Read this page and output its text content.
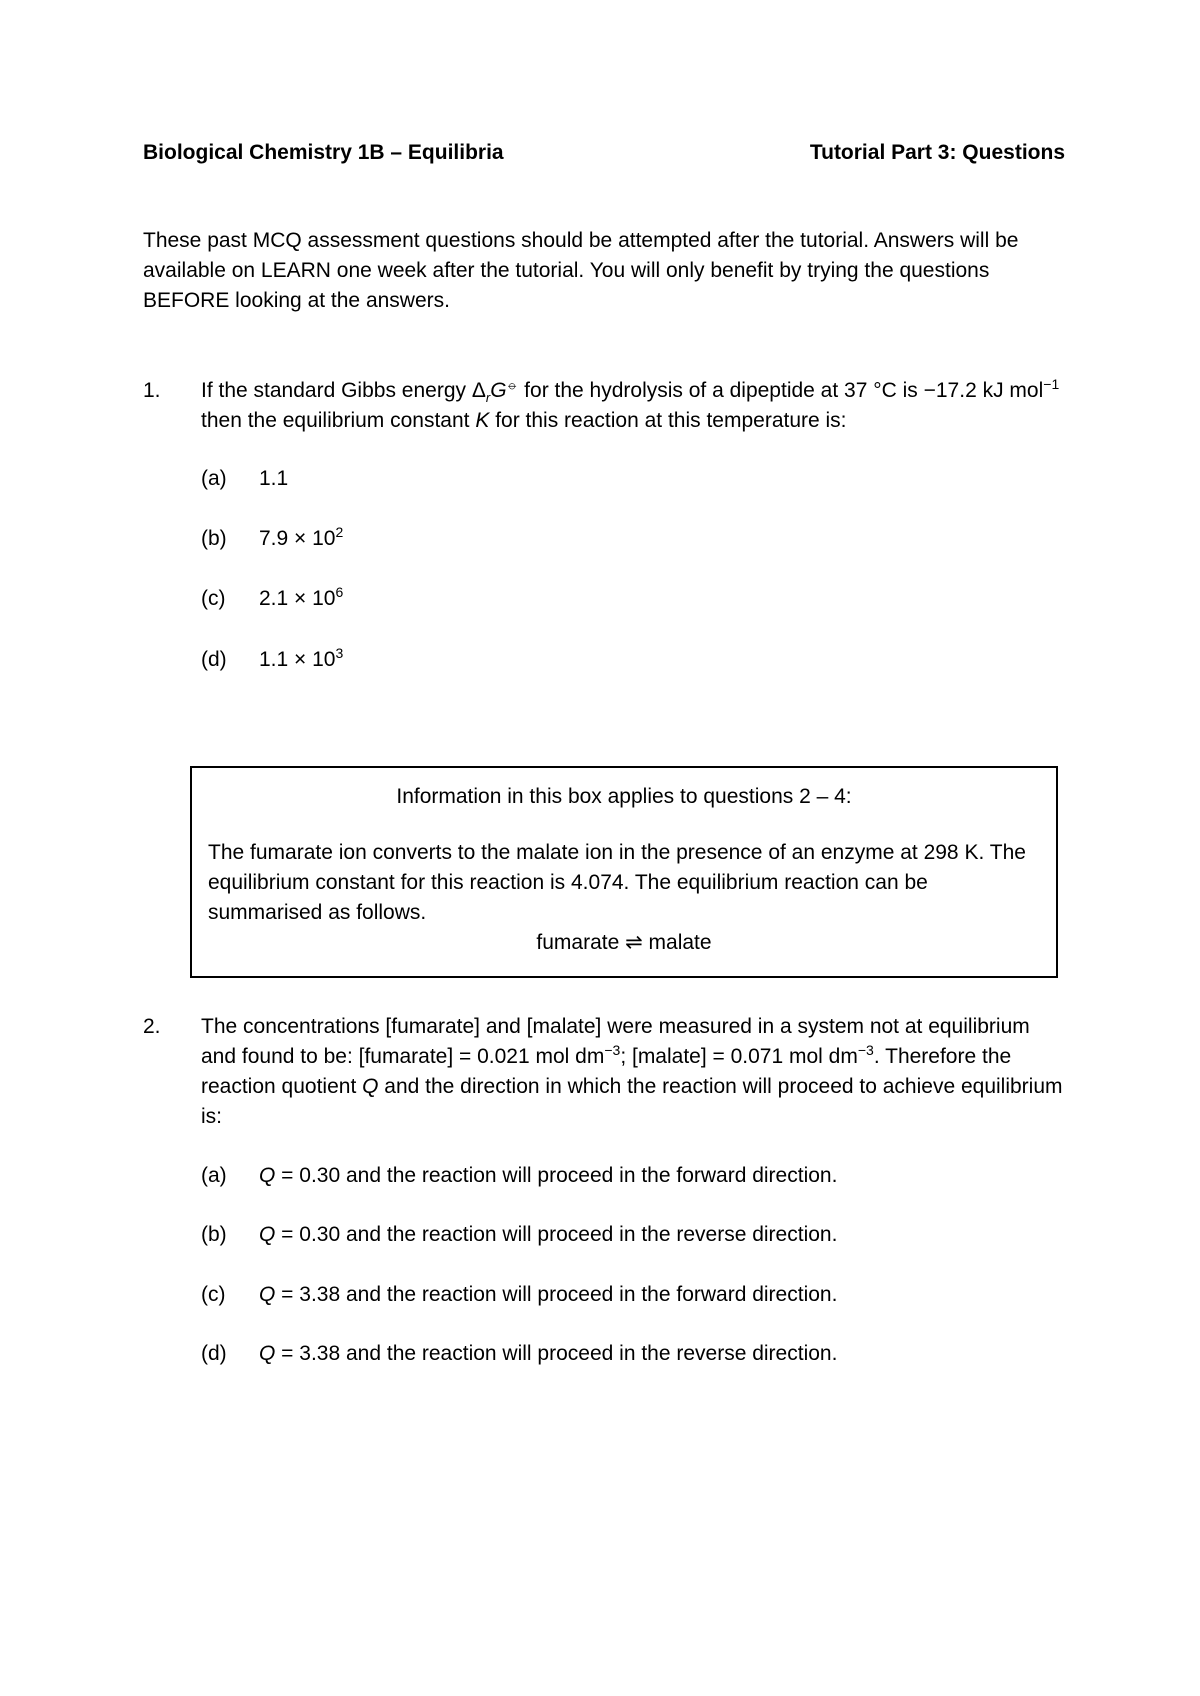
Biological Chemistry 1B – Equilibria	Tutorial Part 3: Questions
These past MCQ assessment questions should be attempted after the tutorial. Answers will be available on LEARN one week after the tutorial. You will only benefit by trying the questions BEFORE looking at the answers.
1.	If the standard Gibbs energy $\Delta_rG^⦵$ for the hydrolysis of a dipeptide at 37 °C is −17.2 kJ mol$^{-1}$ then the equilibrium constant K for this reaction at this temperature is:
(a)	1.1
(b)	$7.9 \times 10^2$
(c)	$2.1 \times 10^6$
(d)	$1.1 \times 10^3$
Information in this box applies to questions 2 – 4:
The fumarate ion converts to the malate ion in the presence of an enzyme at 298 K. The equilibrium constant for this reaction is 4.074. The equilibrium reaction can be summarised as follows.
fumarate ⇌ malate
2.	The concentrations [fumarate] and [malate] were measured in a system not at equilibrium and found to be: [fumarate] = 0.021 mol $dm^{-3}$; [malate] = 0.071 mol $dm^{-3}$. Therefore the reaction quotient Q and the direction in which the reaction will proceed to achieve equilibrium is:
(a)	Q = 0.30 and the reaction will proceed in the forward direction.
(b)	Q = 0.30 and the reaction will proceed in the reverse direction.
(c)	Q = 3.38 and the reaction will proceed in the forward direction.
(d)	Q = 3.38 and the reaction will proceed in the reverse direction.
